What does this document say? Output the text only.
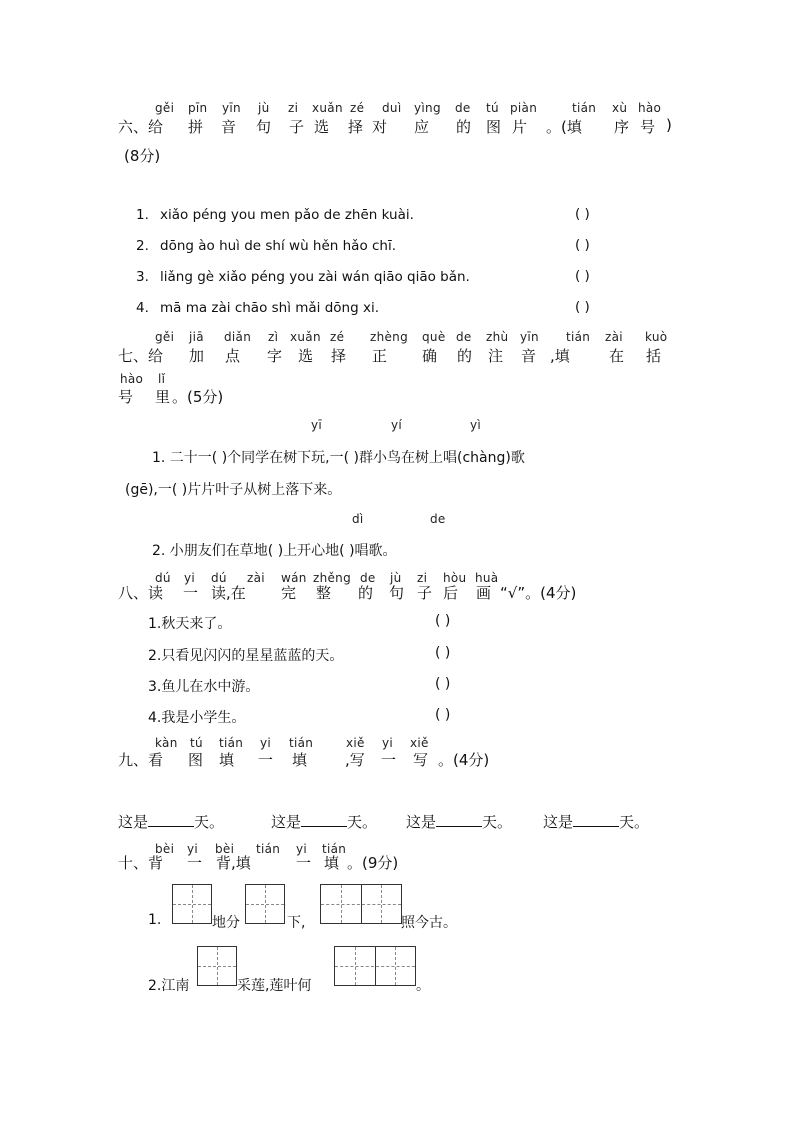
gěi pīn yīn jù zi xuǎn zé duì yìng de tú piàn	tián xù hào
六、给 拼 音 句 子 选 择 对 应 的 图 片 。(填 序 号 )
(8分)
1. xiǎo péng you men pǎo de zhēn kuài.	( )
2. dōng ào huì de shí wù hěn hǎo chī.	( )
3. liǎng gè xiǎo péng you zài wán qiāo qiāo bǎn.	( )
4. mā ma zài chāo shì mǎi dōng xi.	( )
gěi jiā diǎn zì xuǎn zé zhèng què de zhù yīn tián zài kuò
七、给 加 点 字 选 择 正 确 的 注 音 ,填	在 括
hào lǐ
号 里 。(5分)
yī	yí	yì
1. 二十一( )个同学在树下玩,一( )群小鸟在树上唱(chàng)歌
(gē),一( )片片叶子从树上落下来。
dì	de
2. 小朋友们在草地( )上开心地( )唱歌。
dú yi dú zài wán zhěng de jù zi hòu huà
八、读 一 读,在 完 整 的 句 子 后 画 “√”。(4分)
1.秋天来了。	( )
2.只看见闪闪的星星蓝蓝的天。	( )
3.鱼儿在水中游。	( )
4.我是小学生。	( )
kàn tú tián yi tián	xiě yi xiě
九、看 图 填 一 填	,写 一 写 。(4分)
这是	天。	这是	天。 这是	天。 这是	天。
bèi yi bèi tián yi tián
十、背 一 背,填	一 填 。(9分)
1.	地分	下,	照今古。
2.江南	采莲,莲叶何	。
